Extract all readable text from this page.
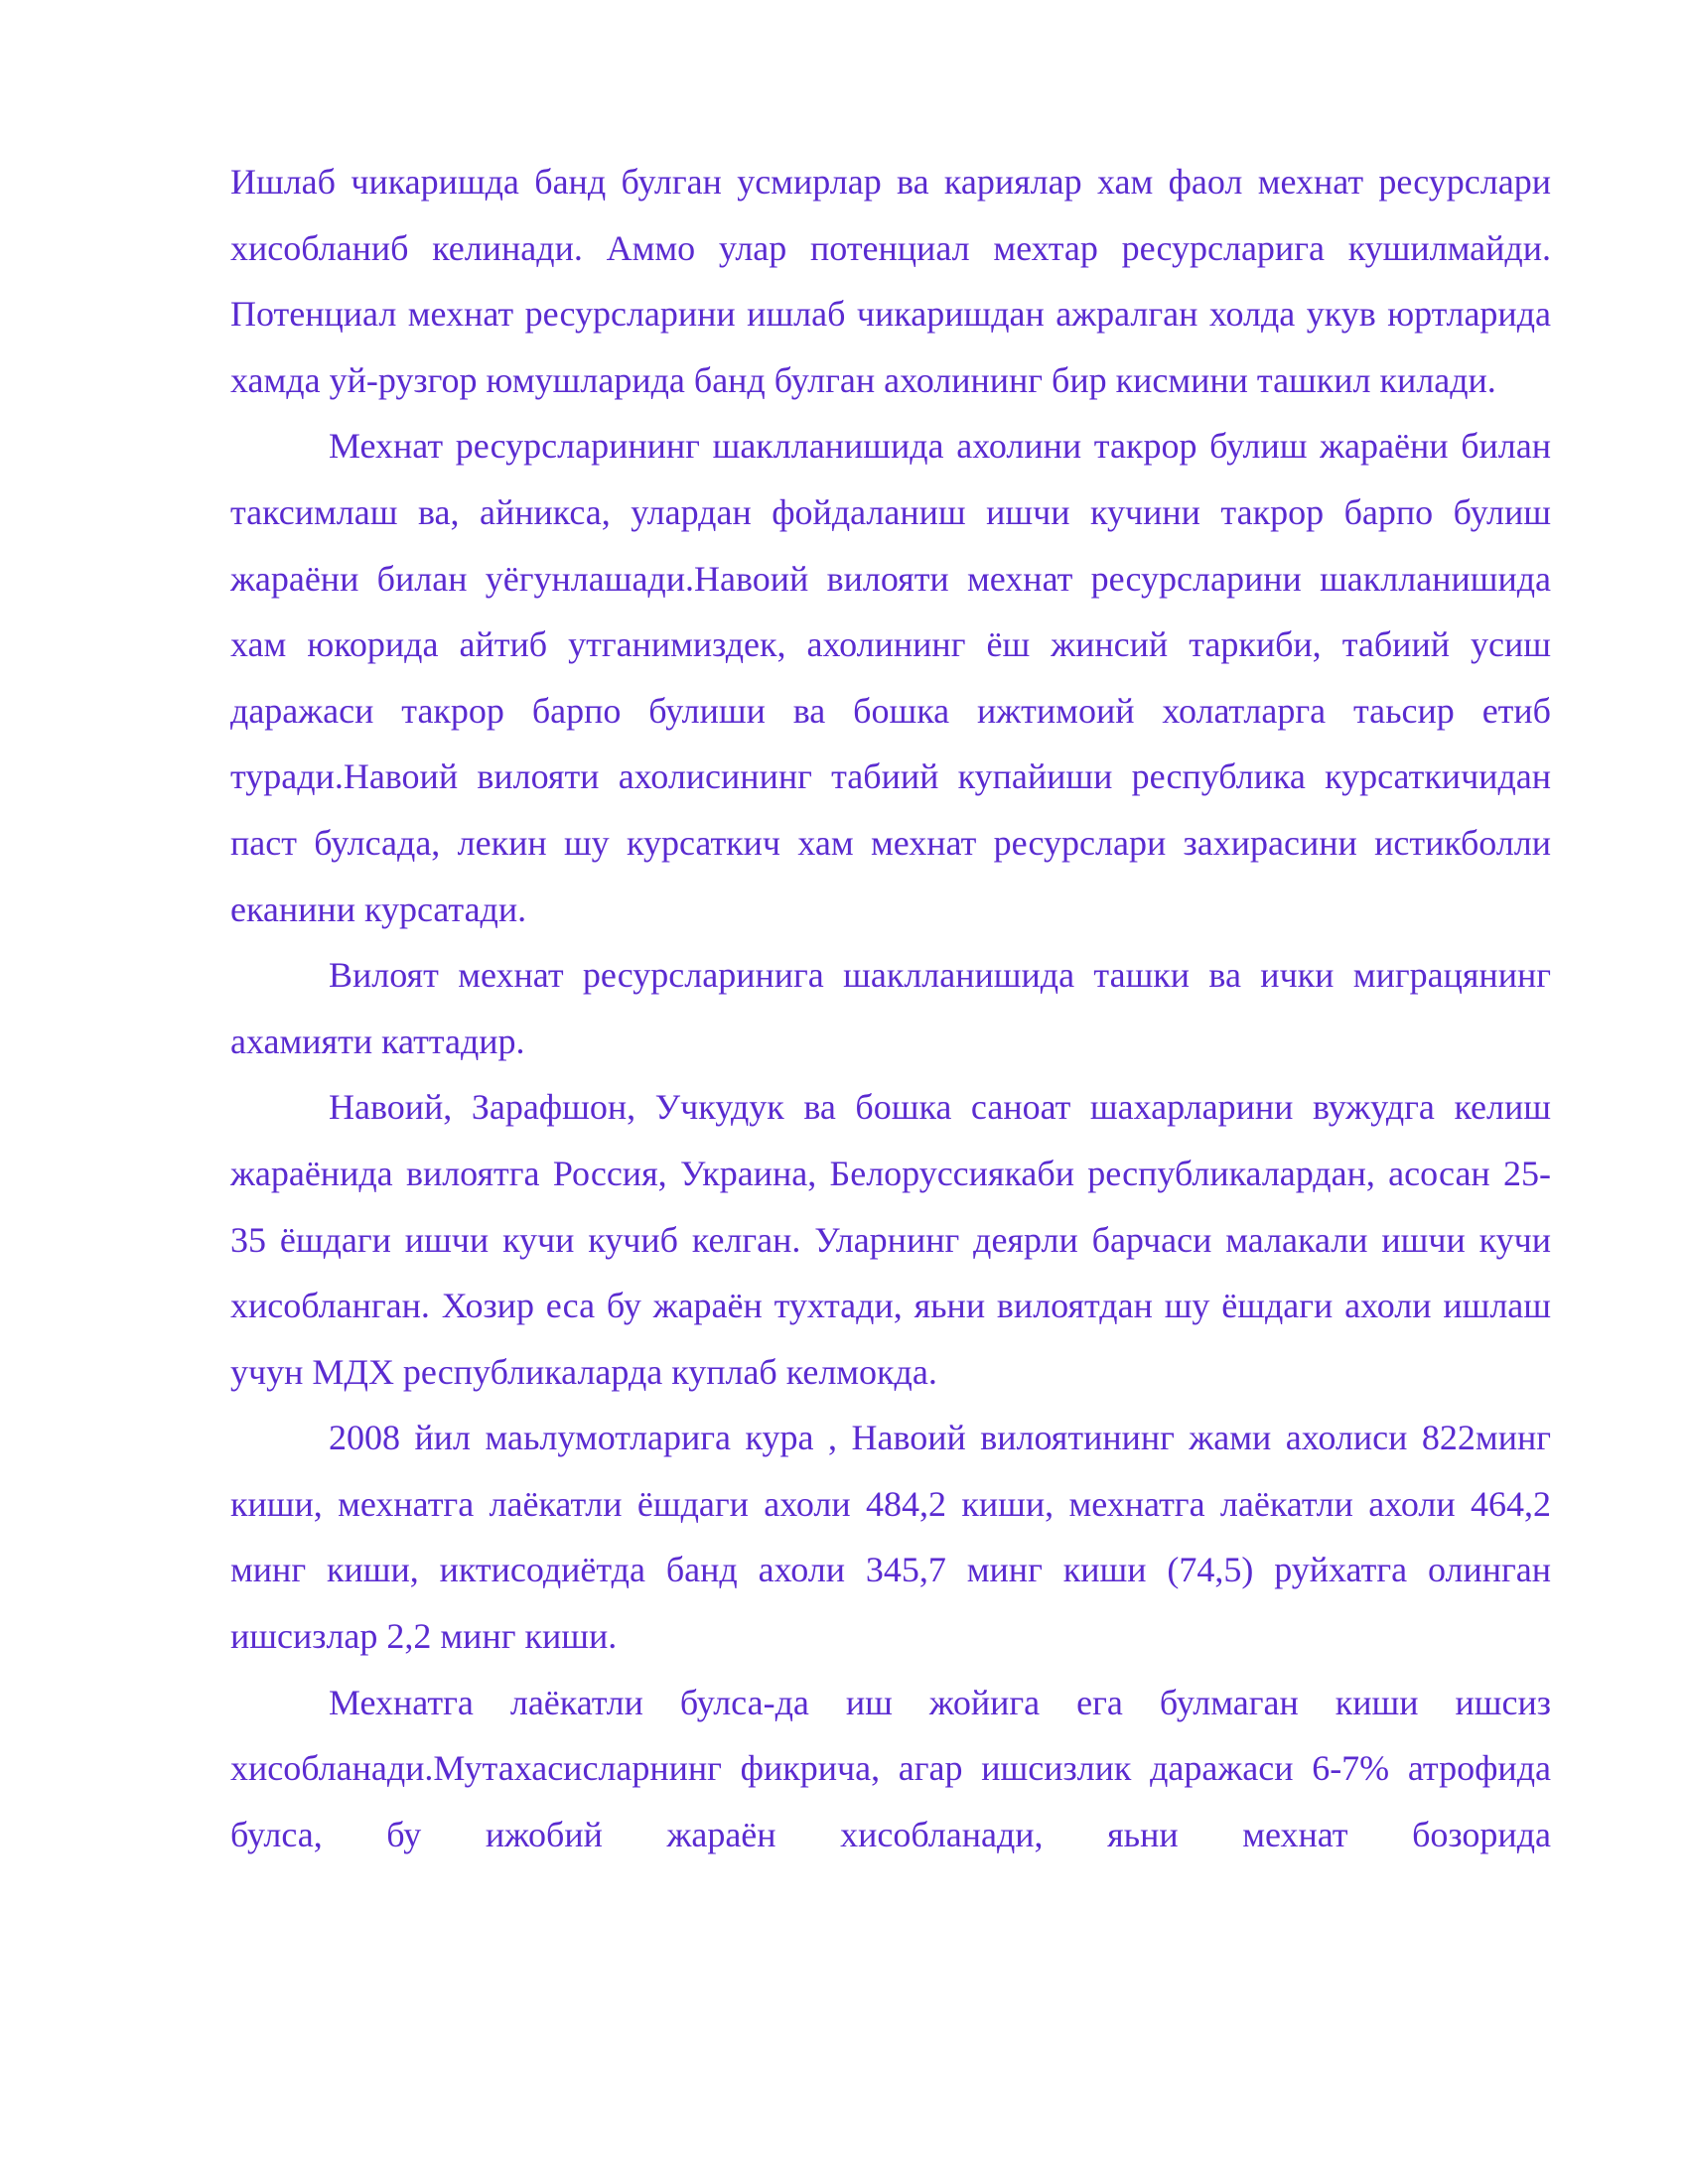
Ишлаб чикаришда банд булган усмирлар ва кариялар хам фаол мехнат ресурслари хисобланиб келинади. Аммо улар потенциал мехтар ресурсларига кушилмайди. Потенциал мехнат ресурсларини ишлаб чикаришдан ажралган холда укув юртларида хамда уй-рузгор юмушларида банд булган ахолининг бир кисмини ташкил килади.

Мехнат ресурсларининг шаклланишида ахолини такрор булиш жараёни билан таксимлаш ва, айникса, улардан фойдаланиш ишчи кучини такрор барпо булиш жараёни билан уёгунлашади.Навоий вилояти мехнат ресурсларини шаклланишида хам юкорида айтиб утганимиздек, ахолининг ёш жинсий таркиби, табиий усиш даражаси такрор барпо булиши ва бошка ижтимоий холатларга таьсир етиб туради.Навоий вилояти ахолисининг табиий купайиши республика курсаткичидан паст булсада, лекин шу курсаткич хам мехнат ресурслари захирасини истикболли еканини курсатади.

Вилоят мехнат ресурсларинига шаклланишида ташки ва ички миграцянинг ахамияти каттадир.

Навоий, Зарафшон, Учкудук ва бошка саноат шахарларини вужудга келиш жараёнида вилоятга Россия, Украина, Белоруссиякаби республикалардан, асосан 25-35 ёшдаги ишчи кучи кучиб келган. Уларнинг деярли барчаси малакали ишчи кучи хисобланган. Хозир еса бу жараён тухтади, яьни вилоятдан шу ёшдаги ахоли ишлаш учун МДХ республикаларда куплаб келмокда.

2008 йил маьлумотларига кура , Навоий вилоятининг жами ахолиси 822минг киши, мехнатга лаёкатли ёшдаги ахоли 484,2 киши, мехнатга лаёкатли ахоли 464,2 минг киши, иктисодиётда банд ахоли 345,7 минг киши (74,5) руйхатга олинган ишсизлар 2,2 минг киши.

Мехнатга лаёкатли булса-да иш жойига ега булмаган киши ишсиз хисобланади.Мутахасисларнинг фикрича, агар ишсизлик даражаси 6-7% атрофида булса, бу ижобий жараён хисобланади, яьни мехнат бозорида
